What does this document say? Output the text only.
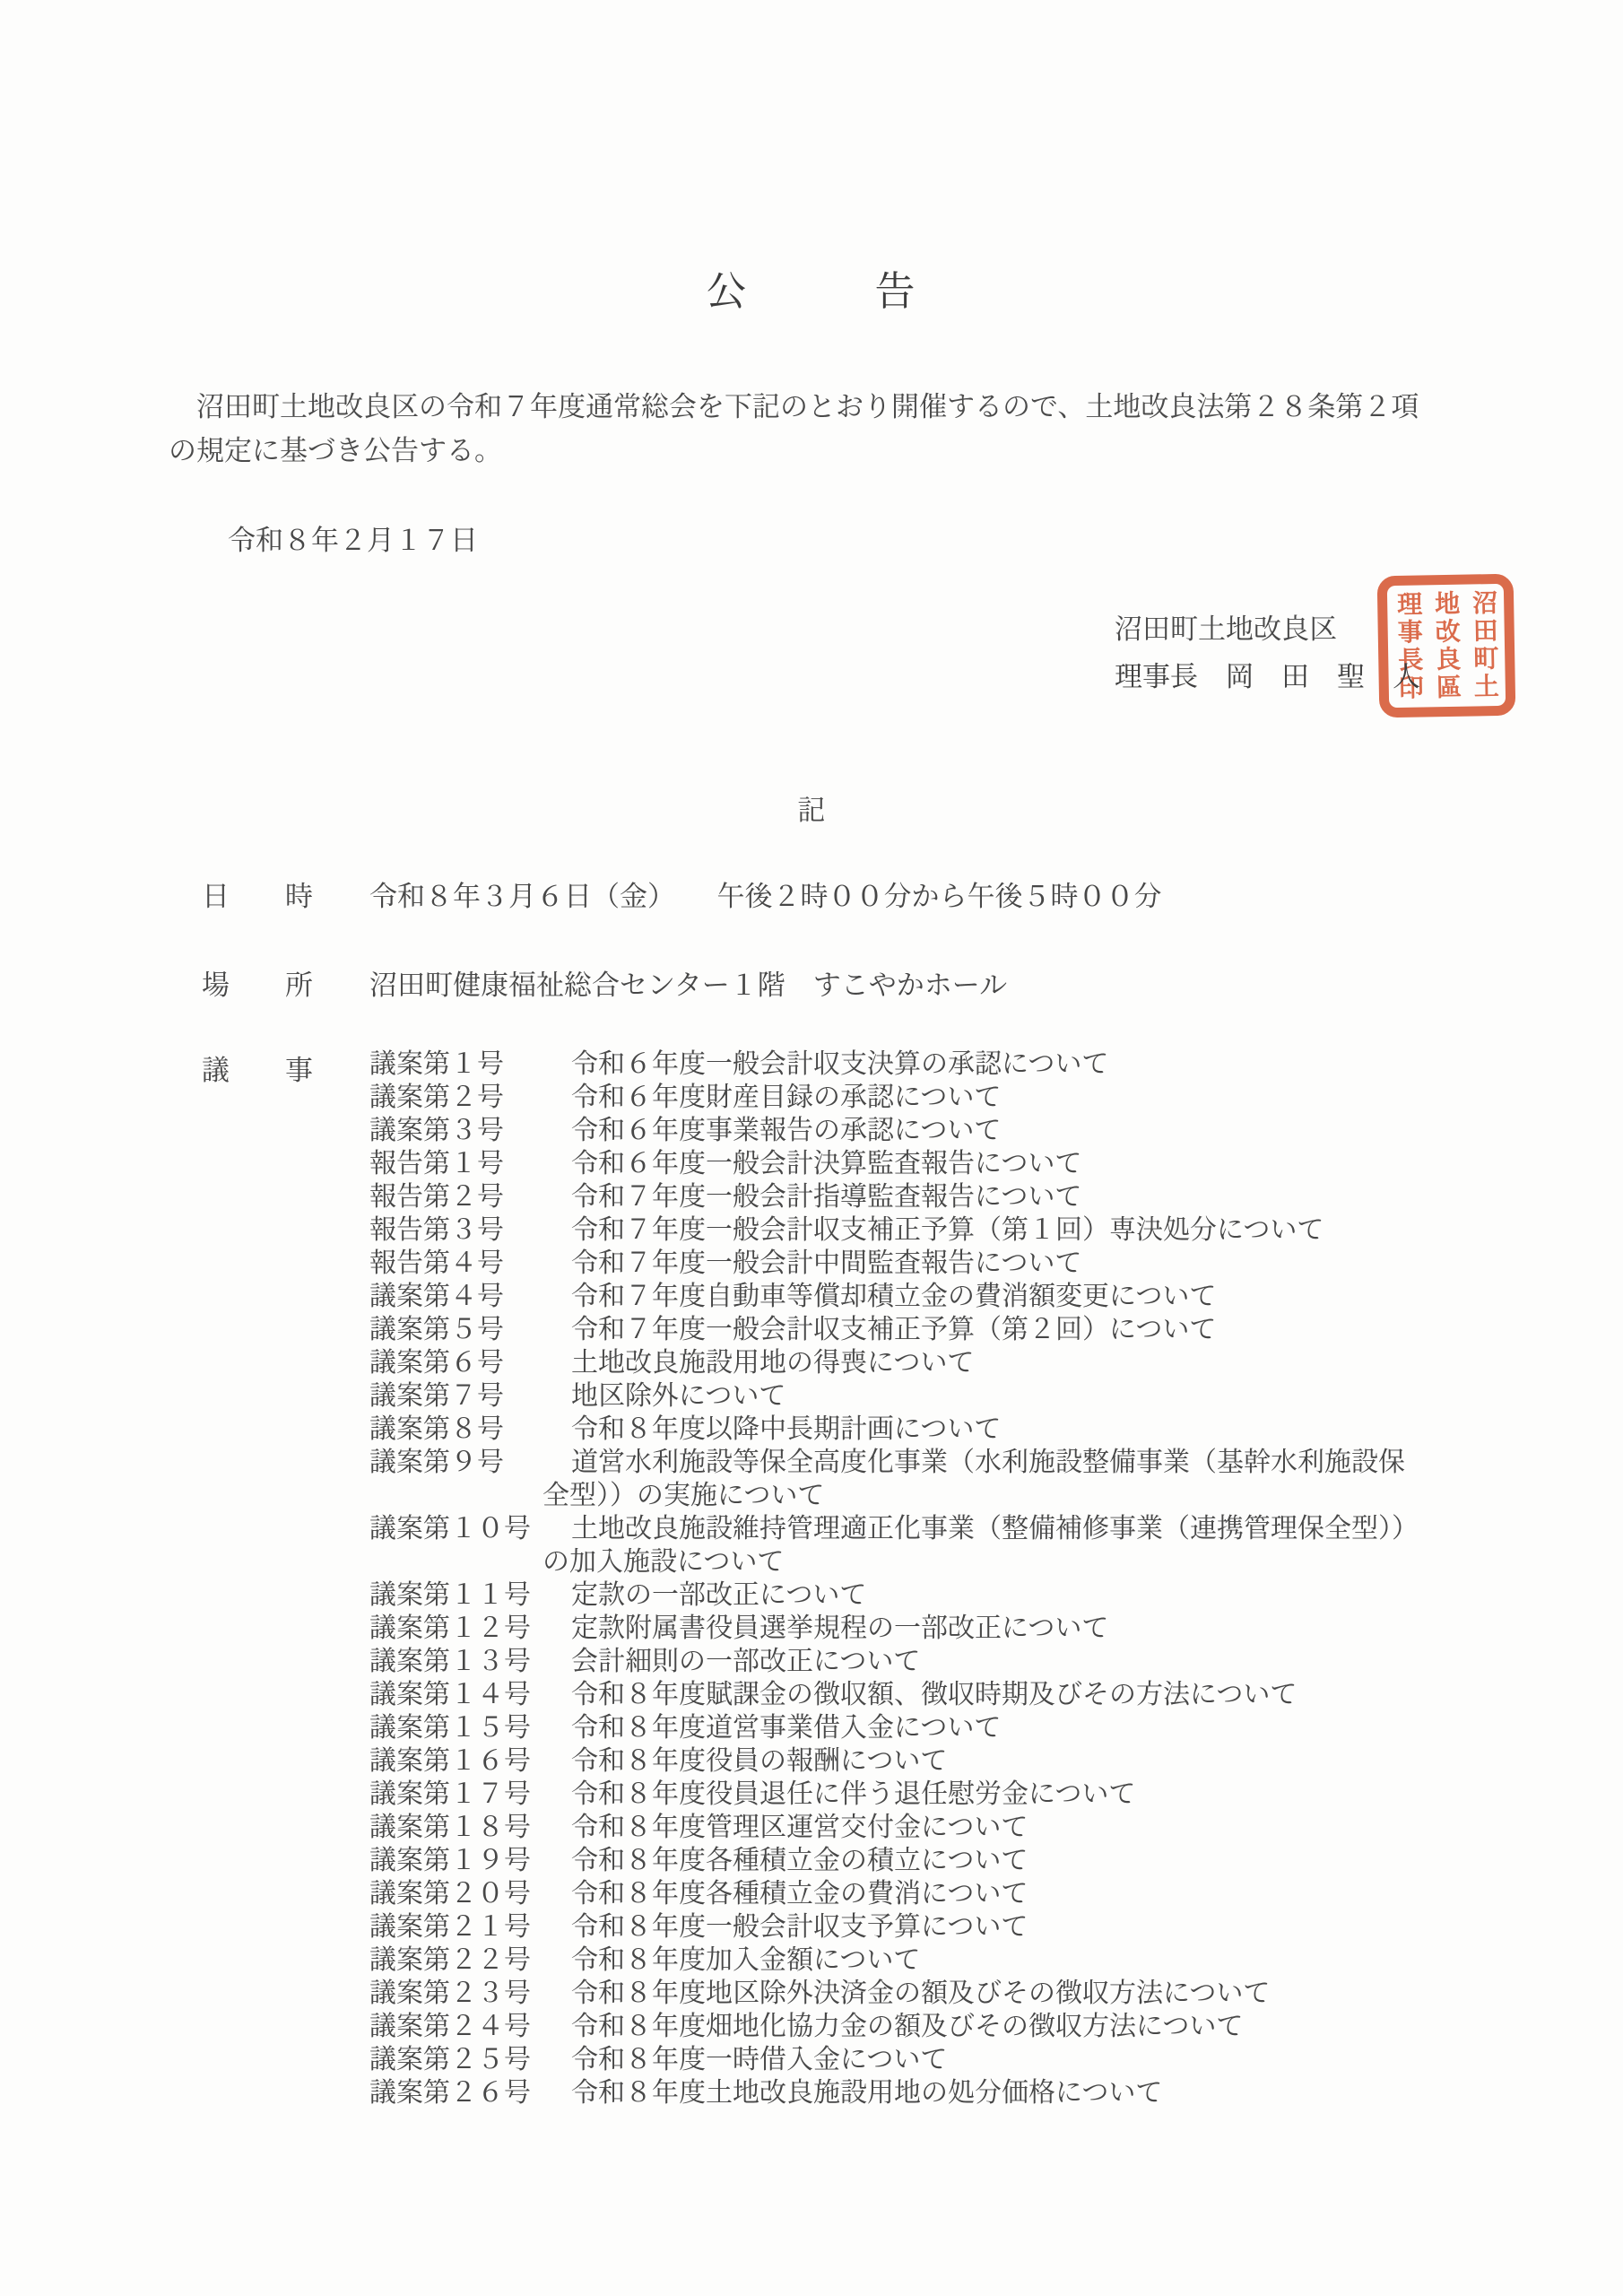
公　　　告
　沼田町土地改良区の令和７年度通常総会を下記のとおり開催するので、土地改良法第２８条第２項
の規定に基づき公告する。
令和８年２月１７日
沼田町土地改良区
理事長　岡　田　聖　人	沼田町土
地改良區
理事長印
記
日　　時	令和８年３月６日（金）　　午後２時００分から午後５時００分
場　　所	沼田町健康福祉総合センター１階　すこやかホール
議　　事 議案第１号	令和６年度一般会計収支決算の承認について
議案第２号	令和６年度財産目録の承認について
議案第３号	令和６年度事業報告の承認について
報告第１号	令和６年度一般会計決算監査報告について
報告第２号	令和７年度一般会計指導監査報告について
報告第３号	令和７年度一般会計収支補正予算（第１回）専決処分について
報告第４号	令和７年度一般会計中間監査報告について
議案第４号	令和７年度自動車等償却積立金の費消額変更について
議案第５号	令和７年度一般会計収支補正予算（第２回）について
議案第６号	土地改良施設用地の得喪について
議案第７号	地区除外について
議案第８号	令和８年度以降中長期計画について
議案第９号	道営水利施設等保全高度化事業（水利施設整備事業（基幹水利施設保
全型））の実施について
議案第１０号	土地改良施設維持管理適正化事業（整備補修事業（連携管理保全型））
の加入施設について
議案第１１号	定款の一部改正について
議案第１２号	定款附属書役員選挙規程の一部改正について
議案第１３号	会計細則の一部改正について
議案第１４号	令和８年度賦課金の徴収額、徴収時期及びその方法について
議案第１５号	令和８年度道営事業借入金について
議案第１６号	令和８年度役員の報酬について
議案第１７号	令和８年度役員退任に伴う退任慰労金について
議案第１８号	令和８年度管理区運営交付金について
議案第１９号	令和８年度各種積立金の積立について
議案第２０号	令和８年度各種積立金の費消について
議案第２１号	令和８年度一般会計収支予算について
議案第２２号	令和８年度加入金額について
議案第２３号	令和８年度地区除外決済金の額及びその徴収方法について
議案第２４号	令和８年度畑地化協力金の額及びその徴収方法について
議案第２５号	令和８年度一時借入金について
議案第２６号	令和８年度土地改良施設用地の処分価格について
